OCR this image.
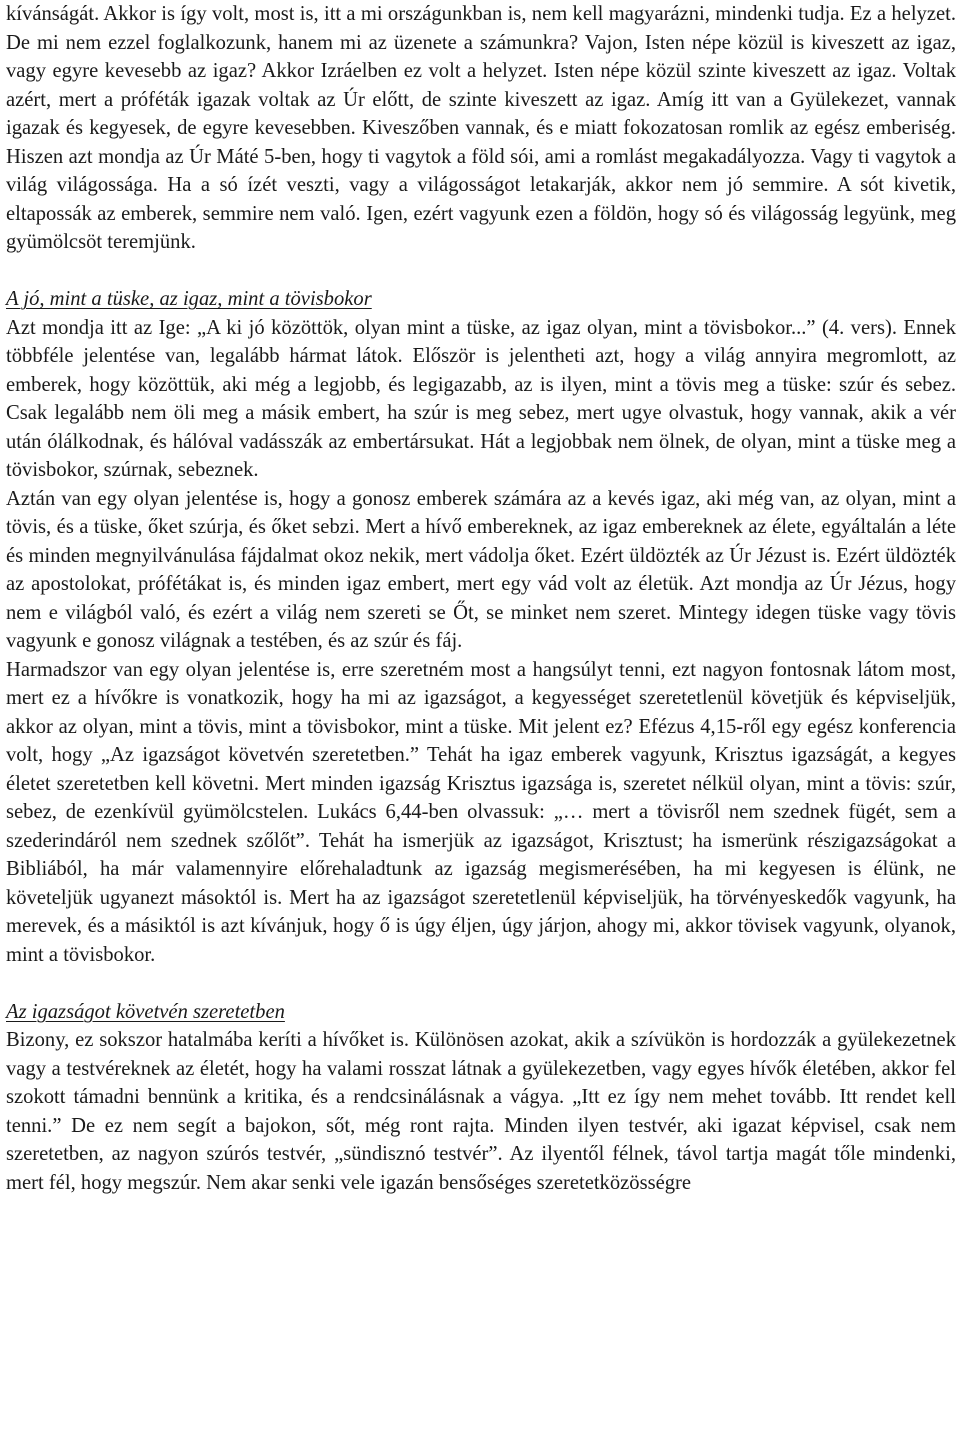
kívánságát. Akkor is így volt, most is, itt a mi országunkban is, nem kell magyarázni, mindenki tudja. Ez a helyzet. De mi nem ezzel foglalkozunk, hanem mi az üzenete a számunkra? Vajon, Isten népe közül is kiveszett az igaz, vagy egyre kevesebb az igaz? Akkor Izráelben ez volt a helyzet. Isten népe közül szinte kiveszett az igaz. Voltak azért, mert a próféták igazak voltak az Úr előtt, de szinte kiveszett az igaz. Amíg itt van a Gyülekezet, vannak igazak és kegyesek, de egyre kevesebben. Kiveszőben vannak, és e miatt fokozatosan romlik az egész emberiség. Hiszen azt mondja az Úr Máté 5-ben, hogy ti vagytok a föld sói, ami a romlást megakadályozza. Vagy ti vagytok a világ világossága. Ha a só ízét veszti, vagy a világosságot letakarják, akkor nem jó semmire. A sót kivetik, eltapossák az emberek, semmire nem való. Igen, ezért vagyunk ezen a földön, hogy só és világosság legyünk, meg gyümölcsöt teremjünk.

A jó, mint a tüske, az igaz, mint a tövisbokor

Azt mondja itt az Ige: „A ki jó közöttök, olyan mint a tüske, az igaz olyan, mint a tövisbokor...” (4. vers). Ennek többféle jelentése van, legalább hármat látok. Először is jelentheti azt, hogy a világ annyira megromlott, az emberek, hogy közöttük, aki még a legjobb, és legigazabb, az is ilyen, mint a tövis meg a tüske: szúr és sebez. Csak legalább nem öli meg a másik embert, ha szúr is meg sebez, mert ugye olvastuk, hogy vannak, akik a vér után ólálkodnak, és hálóval vadásszák az embertársukat. Hát a legjobbak nem ölnek, de olyan, mint a tüske meg a tövisbokor, szúrnak, sebeznek.

Aztán van egy olyan jelentése is, hogy a gonosz emberek számára az a kevés igaz, aki még van, az olyan, mint a tövis, és a tüske, őket szúrja, és őket sebzi. Mert a hívő embereknek, az igaz embereknek az élete, egyáltalán a léte és minden megnyilvánulása fájdalmat okoz nekik, mert vádolja őket. Ezért üldözték az Úr Jézust is. Ezért üldözték az apostolokat, prófétákat is, és minden igaz embert, mert egy vád volt az életük. Azt mondja az Úr Jézus, hogy nem e világból való, és ezért a világ nem szereti se Őt, se minket nem szeret. Mintegy idegen tüske vagy tövis vagyunk e gonosz világnak a testében, és az szúr és fáj.

Harmadszor van egy olyan jelentése is, erre szeretném most a hangsúlyt tenni, ezt nagyon fontosnak látom most, mert ez a hívőkre is vonatkozik, hogy ha mi az igazságot, a kegyességet szeretetlenül követjük és képviseljük, akkor az olyan, mint a tövis, mint a tövisbokor, mint a tüske. Mit jelent ez? Efézus 4,15-ről egy egész konferencia volt, hogy „Az igazságot követvén szeretetben.” Tehát ha igaz emberek vagyunk, Krisztus igazságát, a kegyes életet szeretetben kell követni. Mert minden igazság Krisztus igazsága is, szeretet nélkül olyan, mint a tövis: szúr, sebez, de ezenkívül gyümölcstelen. Lukács 6,44-ben olvassuk: „… mert a tövisről nem szednek fügét, sem a szederindáról nem szednek szőlőt”. Tehát ha ismerjük az igazságot, Krisztust; ha ismerünk részigazságokat a Bibliából, ha már valamennyire előrehaladtunk az igazság megismerésében, ha mi kegyesen is élünk, ne követeljük ugyanezt másoktól is. Mert ha az igazságot szeretetlenül képviseljük, ha törvényeskedők vagyunk, ha merevek, és a másiktól is azt kívánjuk, hogy ő is úgy éljen, úgy járjon, ahogy mi, akkor tövisek vagyunk, olyanok, mint a tövisbokor.

Az igazságot követvén szeretetben

Bizony, ez sokszor hatalmába keríti a hívőket is. Különösen azokat, akik a szívükön is hordozzák a gyülekezetnek vagy a testvéreknek az életét, hogy ha valami rosszat látnak a gyülekezetben, vagy egyes hívők életében, akkor fel szokott támadni bennünk a kritika, és a rendcsinálásnak a vágya. „Itt ez így nem mehet tovább. Itt rendet kell tenni.” De ez nem segít a bajokon, sőt, még ront rajta. Minden ilyen testvér, aki igazat képvisel, csak nem szeretetben, az nagyon szúrós testvér, „sündisznó testvér”. Az ilyentől félnek, távol tartja magát tőle mindenki, mert fél, hogy megszúr. Nem akar senki vele igazán bensőséges szeretetközösségre
